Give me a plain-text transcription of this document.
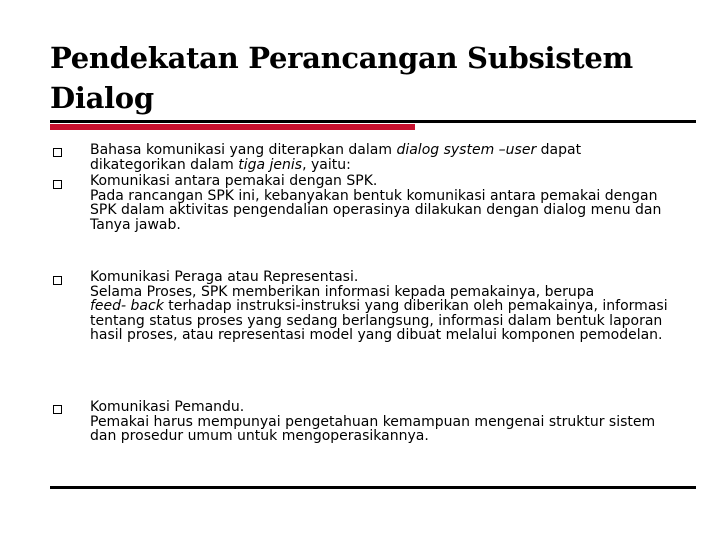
Pendekatan Perancangan Subsistem Dialog

Bahasa komunikasi yang diterapkan dalam dialog system –user dapat

dikategorikan dalam tiga jenis, yaitu:

Komunikasi antara pemakai dengan SPK.

Pada rancangan SPK ini, kebanyakan bentuk komunikasi antara pemakai dengan SPK dalam aktivitas pengendalian operasinya dilakukan dengan dialog menu dan Tanya jawab.

Komunikasi Peraga atau Representasi.

Selama Proses, SPK memberikan informasi kepada pemakainya, berupa
feed- back terhadap instruksi-instruksi yang diberikan oleh pemakainya, informasi tentang status proses yang sedang berlangsung, informasi dalam bentuk laporan hasil proses, atau representasi model yang dibuat melalui komponen pemodelan.

Komunikasi Pemandu.

Pemakai harus mempunyai pengetahuan kemampuan mengenai struktur sistem dan prosedur umum untuk mengoperasikannya.
